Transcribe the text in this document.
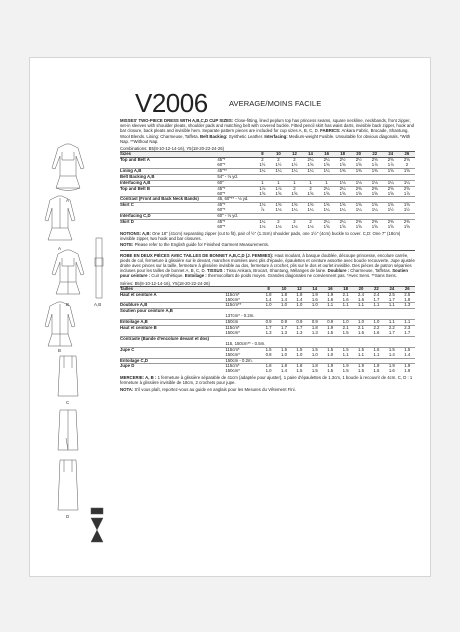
V2006	AVERAGE/MOINS FACILE
A
A
B
B
C
D
A,B
MISSES' TWO-PIECE DRESS WITH A,B,C,D CUP SIZES: Close-fitting, lined peplum top has princess seams, square neckline, neckbands, front zipper, set-in sleeves with shoulder pleats, shoulder pads and matching belt with covered buckle. Fitted pencil skirt has waist darts, invisible back zipper, hook and bar closure, back pleats and invisible hem. Separate pattern pieces are included for cup sizes A, B, C, D. FABRICS: Ankara Fabric, Brocade, Shantung, Wool Blends. Lining: Charmeuse, Taffeta. Belt Backing: Synthetic Leather. Interfacing: Medium-weight Fusible. Unsuitable for obvious diagonals. *With Nap. **Without Nap.
Combinations: B5(8-10-12-14-16), Y5(18-20-22-24-26)
Sizes		8	10	12	14	16	18	20	22	24	26
Top and Belt A	45"*	2	2	2	2¼	2¼	2½	2½	2⅝	2⅝	2⅝
	60"*	1½	1½	1½	1⅝	1⅝	1⅝	1⅝	1⅞	1⅞	2
Lining A,B	45"**	1¼	1¼	1¼	1¼	1¼	1⅜	1⅜	1⅜	1⅝	1⅝
Belt Backing A,B	54" - ⅛ yd.										
Interfacing A,B	60"	1	1	1	1	1	1⅛	1⅛	1⅛	1¼	1¼
Top and Belt B	45"*	1⅞	1⅞	2	2	2¼	2¼	2⅜	2⅜	2⅝	2⅝
	60"*	1⅝	1⅝	1⅝	1⅝	1⅝	1⅝	1⅝	1⅝	1⅝	1⅞
Contrast (Front and Back Neck Bands)	45, 60"** - ⅛ yd.										
Skirt C	45"*	1⅛	1⅝	1⅝	1⅝	1⅝	1⅝	1⅝	1⅝	1⅝	1⅝
	60"*	⅞	1⅛	1¼	1¼	1¼	1¼	1¼	1¼	1½	1½
Interfacing C,D	60" - ⅛ yd.										
Skirt D	45"*	1¼	2	2	2	2¼	2¼	2⅜	2⅜	2⅜	2⅜
	60"*	1⅛	1⅛	1⅛	1⅛	1⅝	1⅝	1⅝	1⅝	1⅝	1⅝
NOTIONS: A,B: One 18" (41cm) separating zipper (cut to fit), pair of ½" (1.3cm) shoulder pads, one 1½" (4cm) buckle to cover. C,D: One 7" (18cm) invisible zipper, two hook and bar closures.
NOTE: Please refer to the English guide for Finished Garment Measurements.
ROBE EN DEUX PIÈCES AVEC TAILLES DE BONNET A,B,C,D (J. FEMMES): Haut moulant, à basque doublée, découpe princesse, encolure carrée, pieds de col, fermeture à glissière sur le devant, manches montées avec plis d'épaule, épaulettes et ceinture assortie avec boucle recouverte. Jupe ajustée droite avec pinces sur la taille, fermeture à glissière invisible au dos, fermeture à crochet, plis sur le dos et ourlet invisible. Des pièces de patron séparées incluses pour les tailles de bonnet A, B, C, D. TISSUS : Tissu Ankara, Brocart, Shantung, Mélanges de laine. Doublure : Charmeuse, Taffetas. Soutien pour ceinture : Cuir synthétique. Entoilage : thermocollant de poids moyen. Grandes diagonales ne conviennent pas. *Avec Sens. **Sans Sens.
Séries: B5(8-10-12-14-16), Y5(18-20-22-24-26)
Tailles		8	10	12	14	16	18	20	22	24	26
Haut et ceinture A	115cm*	1.8	1.8	1.8	1.9	1.9	2.1	2.4	2.4	2.5	2.5
	150cm*	1.4	1.4	1.4	1.6	1.6	1.6	1.6	1.7	1.7	1.8
Doublure A,B	115cm**	1.0	1.0	1.0	1.0	1.1	1.1	1.1	1.1	1.1	1.3
Soutien pour ceinture A,B											
	137cm* - 0.2m.										
Entoilage A,B	150cm	0.9	0.9	0.9	0.9	0.9	1.0	1.0	1.0	1.1	1.1
Haut et ceinture B	115cm*	1.7	1.7	1.7	1.8	1.9	2.1	2.1	2.2	2.2	2.3
	150cm*	1.3	1.3	1.3	1.3	1.5	1.5	1.6	1.6	1.7	1.7
Contraste (Bande d'encolure devant et dos)											
	115, 150cm** - 0.5m.										
Jupe C	115cm*	1.5	1.5	1.5	1.5	1.5	1.5	1.5	1.5	1.5	1.5
	150cm*	0.8	1.0	1.0	1.0	1.0	1.1	1.1	1.1	1.4	1.4
Entoilage C,D	150cm - 0.2m.										
Jupe D	115cm*	1.8	1.8	1.8	1.8	1.9	1.9	1.9	1.9	1.9	1.9
	150cm*	1.0	1.4	1.5	1.5	1.5	1.5	1.5	1.5	1.6	1.9
MERCERIE: A, B : 1 fermeture à glissière séparable de 41cm (adaptée pour ajuster), 1 paire d'épaulettes de 1.3cm, 1 boucle à recouvrir de 4cm. C, D : 1 fermeture à glissière invisible de 18cm, 2 crochets pour jupe.
NOTA: S'il vous plaît, reportez-vous au guide en anglais pour les Mesures du Vêtement Fini.
